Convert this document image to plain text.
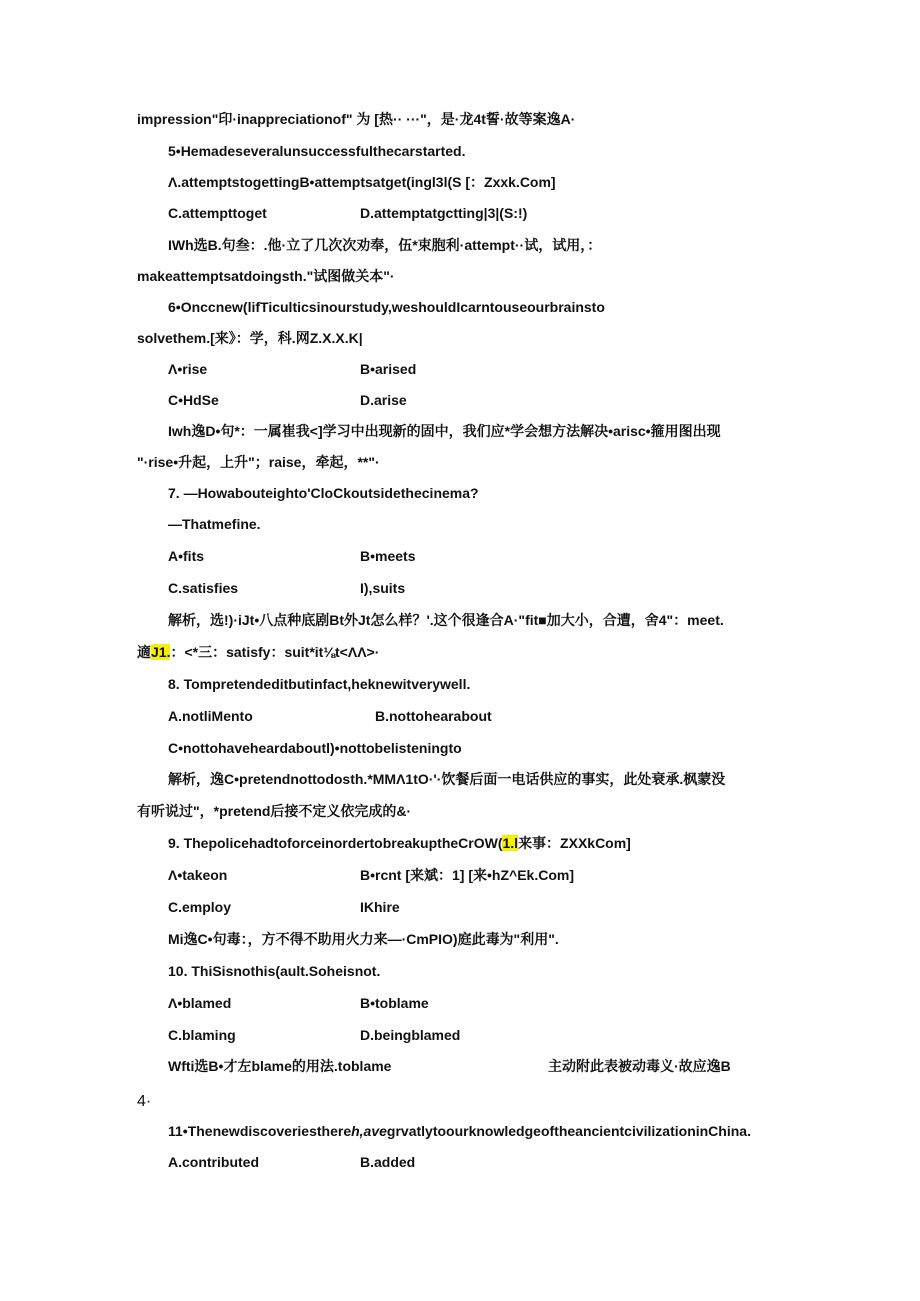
impression"印·inappreciationof" 为 [热·· ···"，是·龙4t誓·故等案逸A·
5•Hemadeseveralunsuccessfulthecarstarted.
Λ.attemptstogettingB•attemptsatget(ingl3l(S [：Zxxk.Com]
C.attempttoget	D.attemptatgctting|3|(S:!)
IWh选B.句叁：.他·立了几次次劝奉，伍*束胞利·attempt··试，试用，：
makeattemptsatdoingsth."试图做关本"·
6•Onccnew(lifTiculticsinourstudy,weshouldIcarntouseourbrainsto
solvethem.[来》：学，科.网Z.X.X.K|
Λ•rise	B•arised
C•HdSe	D.arise
Iwh逸D•句*：一属崔我<]学习中出现新的固中，我们应*学会想方法解决•arisc•箍用图出现
"·rise•升起，上升"；raise，牵起，**"·
7. —Howabouteighto'CloCkoutsidethecinema?
—Thatmefine.
A•fits	B•meets
C.satisfies	I),suits
解析，选!)·iJt•八点种底剧Bt外Jt怎么样？'.这个很逢合A·"fit■加大小，合遭，舍4"：meet.
適J1.：<*三：satisfy：suit*it⅛t<ΛΛ>·
8. Tompretendeditbutinfact,heknewitverywell.
A.notliMento	B.nottohearabout
C•nottohaveheardaboutl)•nottobelisteningto
解析，逸C•pretendnottodosth.*MMΛ1tO·'·饮餐后面一电话供应的事实，此处衰承.枫蒙没
有听说过"，*pretend后接不定义依完成的&·
9. ThepolicehadtoforceinordertobreakuptheCrOW(1.l来事：ZXXkCom]
Λ•takeon	B•rcnt [来斌：1] [来•hZ^Ek.Com]
C.employ	IKhire
Mi逸C•句毒：，方不得不助用火力来—·CmPIO)庭此毒为"利用".
10. ThiSisnothis(ault.Soheisnot.
Λ•blamed	B•toblame
C.blaming	D.beingblamed
Wfti选B•才左blame的用法.toblame	主动附此表被动毒义·故应逸B
4·
11•Thenewdiscoveriesthereh,avegrvatlytoourknowledgeoftheancientcivilizationinChina.
A.contributed	B.added
